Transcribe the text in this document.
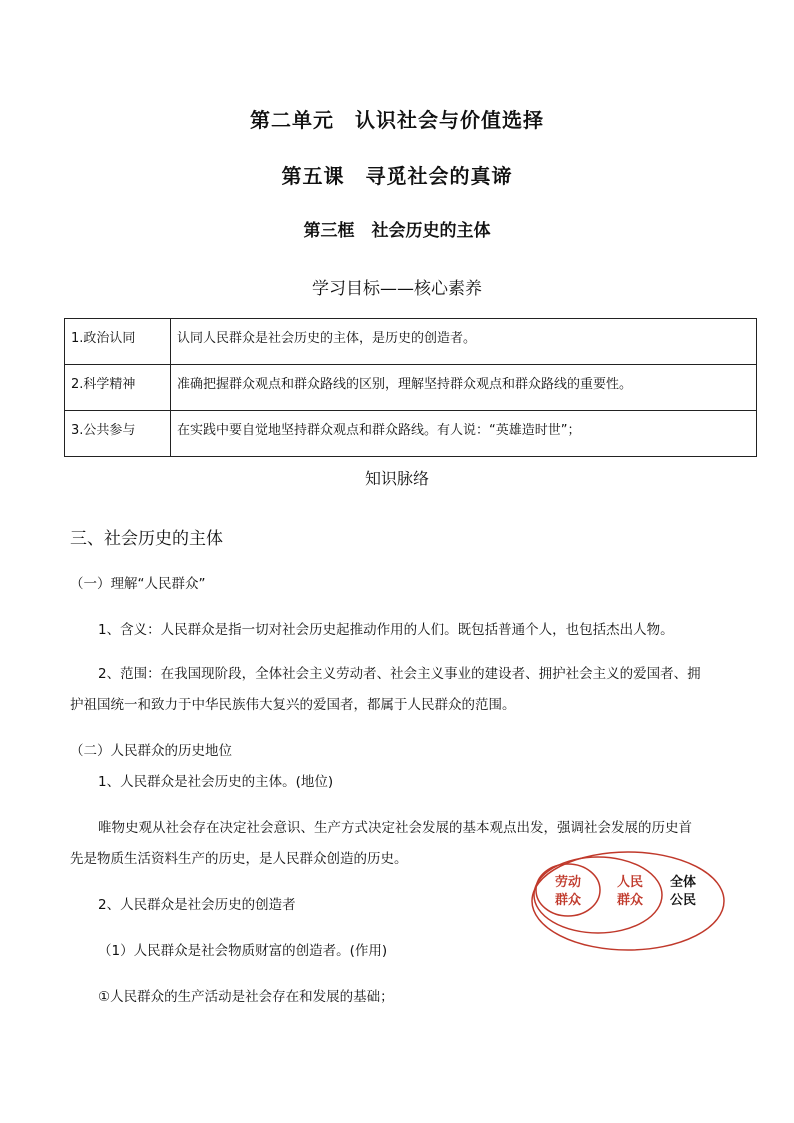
第二单元　认识社会与价值选择
第五课　寻觅社会的真谛
第三框　社会历史的主体
学习目标——核心素养
1.政治认同	认同人民群众是社会历史的主体，是历史的创造者。
2.科学精神	准确把握群众观点和群众路线的区别，理解坚持群众观点和群众路线的重要性。
3.公共参与	在实践中要自觉地坚持群众观点和群众路线。有人说：“英雄造时世”；
知识脉络
三、社会历史的主体
（一）理解“人民群众”
1、含义：人民群众是指一切对社会历史起推动作用的人们。既包括普通个人，也包括杰出人物。
2、范围：在我国现阶段，全体社会主义劳动者、社会主义事业的建设者、拥护社会主义的爱国者、拥
护祖国统一和致力于中华民族伟大复兴的爱国者，都属于人民群众的范围。
（二）人民群众的历史地位
1、人民群众是社会历史的主体。(地位)
唯物史观从社会存在决定社会意识、生产方式决定社会发展的基本观点出发，强调社会发展的历史首
先是物质生活资料生产的历史，是人民群众创造的历史。
2、人民群众是社会历史的创造者
（1）人民群众是社会物质财富的创造者。(作用)
①人民群众的生产活动是社会存在和发展的基础；
劳动
群众
人民
群众
全体
公民
